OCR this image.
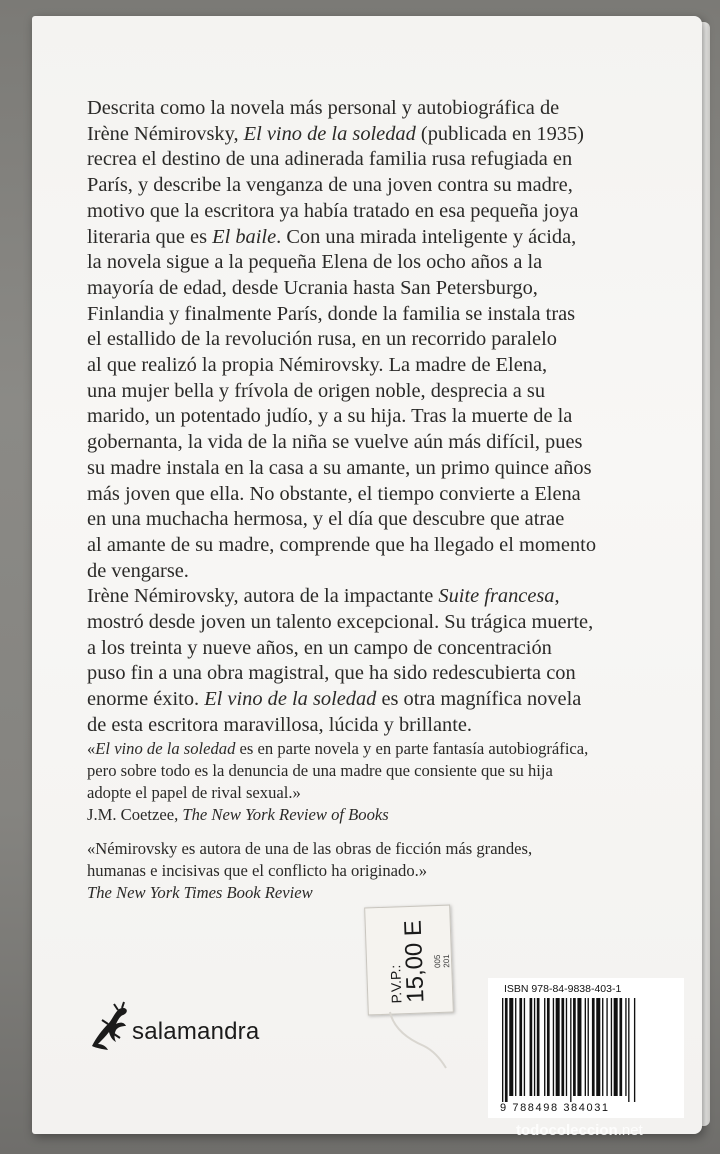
Descrita como la novela más personal y autobiográfica de
Irène Némirovsky, El vino de la soledad (publicada en 1935)
recrea el destino de una adinerada familia rusa refugiada en
París, y describe la venganza de una joven contra su madre,
motivo que la escritora ya había tratado en esa pequeña joya
literaria que es El baile. Con una mirada inteligente y ácida,
la novela sigue a la pequeña Elena de los ocho años a la
mayoría de edad, desde Ucrania hasta San Petersburgo,
Finlandia y finalmente París, donde la familia se instala tras
el estallido de la revolución rusa, en un recorrido paralelo
al que realizó la propia Némirovsky. La madre de Elena,
una mujer bella y frívola de origen noble, desprecia a su
marido, un potentado judío, y a su hija. Tras la muerte de la
gobernanta, la vida de la niña se vuelve aún más difícil, pues
su madre instala en la casa a su amante, un primo quince años
más joven que ella. No obstante, el tiempo convierte a Elena
en una muchacha hermosa, y el día que descubre que atrae
al amante de su madre, comprende que ha llegado el momento
de vengarse.
Irène Némirovsky, autora de la impactante Suite francesa,
mostró desde joven un talento excepcional. Su trágica muerte,
a los treinta y nueve años, en un campo de concentración
puso fin a una obra magistral, que ha sido redescubierta con
enorme éxito. El vino de la soledad es otra magnífica novela
de esta escritora maravillosa, lúcida y brillante.
«El vino de la soledad es en parte novela y en parte fantasía autobiográfica,
pero sobre todo es la denuncia de una madre que consiente que su hija
adopte el papel de rival sexual.»
J.M. Coetzee, The New York Review of Books
«Némirovsky es autora de una de las obras de ficción más grandes,
humanas e incisivas que el conflicto ha originado.»
The New York Times Book Review
salamandra
P.V.P.:
15,00 E 005 201
ISBN 978-84-9838-403-1
9 788498 384031
todocoleccion.net
